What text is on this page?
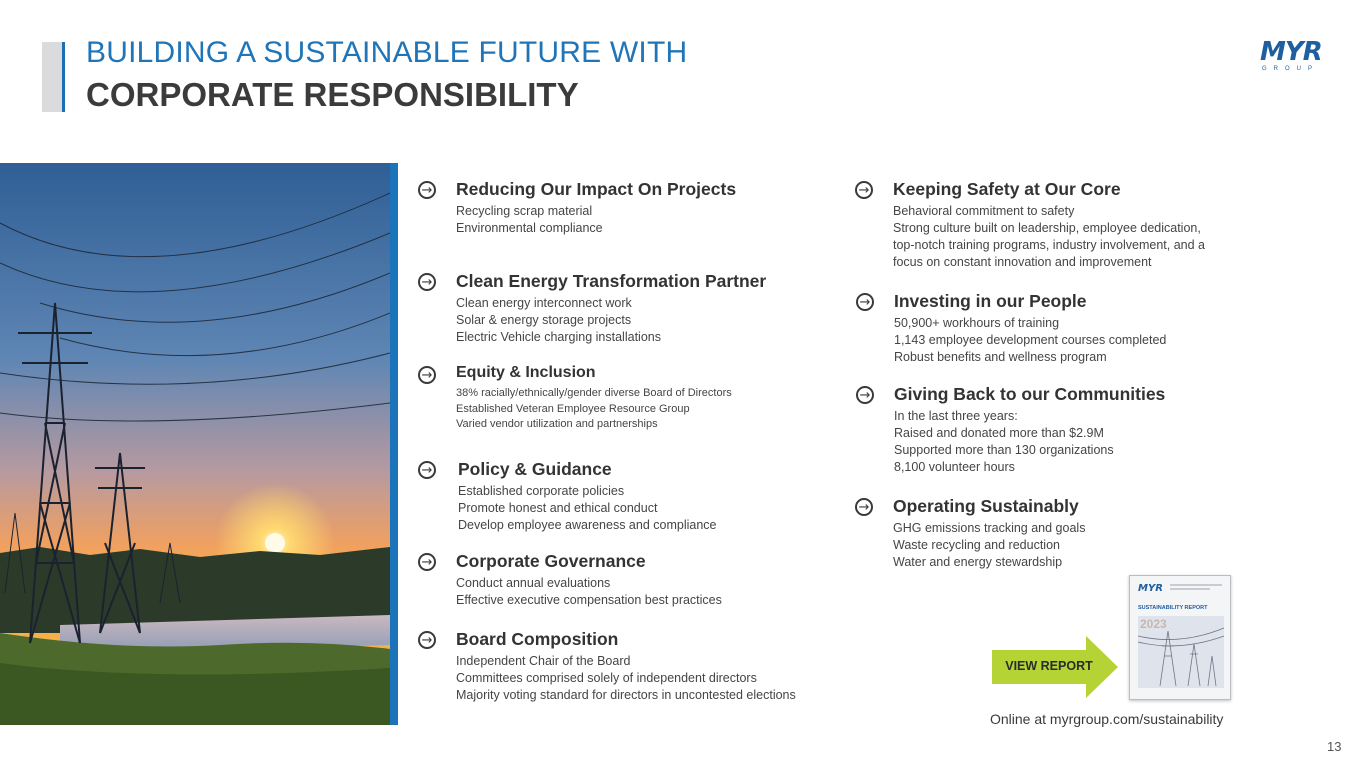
BUILDING A SUSTAINABLE FUTURE WITH
CORPORATE RESPONSIBILITY
MYR
GROUP
→ Reducing Our Impact On Projects
Recycling scrap material
Environmental compliance
→ Clean Energy Transformation Partner
Clean energy interconnect work
Solar & energy storage projects
Electric Vehicle charging installations
→ Equity & Inclusion
38% racially/ethnically/gender diverse Board of Directors
Established Veteran Employee Resource Group
Varied vendor utilization and partnerships
→ Policy & Guidance
Established corporate policies
Promote honest and ethical conduct
Develop employee awareness and compliance
→ Corporate Governance
Conduct annual evaluations
Effective executive compensation best practices
→ Board Composition
Independent Chair of the Board
Committees comprised solely of independent directors
Majority voting standard for directors in uncontested elections
→ Keeping Safety at Our Core
Behavioral commitment to safety
Strong culture built on leadership, employee dedication,
top-notch training programs, industry involvement, and a
focus on constant innovation and improvement
→ Investing in our People
50,900+ workhours of training
1,143 employee development courses completed
Robust benefits and wellness program
→ Giving Back to our Communities
In the last three years:
Raised and donated more than $2.9M
Supported more than 130 organizations
8,100 volunteer hours
→ Operating Sustainably
GHG emissions tracking and goals
Waste recycling and reduction
Water and energy stewardship
VIEW REPORT
MYR
SUSTAINABILITY REPORT
2023
Online at myrgroup.com/sustainability
13
